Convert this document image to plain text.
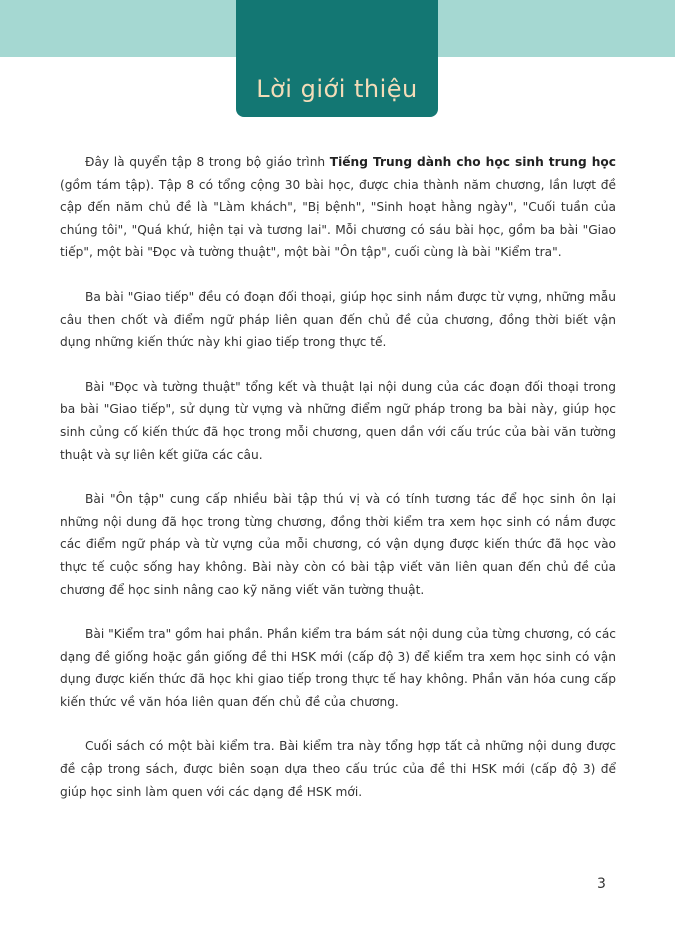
Lời giới thiệu

Đây là quyển tập 8 trong bộ giáo trình Tiếng Trung dành cho học sinh trung học (gồm tám tập). Tập 8 có tổng cộng 30 bài học, được chia thành năm chương, lần lượt đề cập đến năm chủ đề là "Làm khách", "Bị bệnh", "Sinh hoạt hằng ngày", "Cuối tuần của chúng tôi", "Quá khứ, hiện tại và tương lai". Mỗi chương có sáu bài học, gồm ba bài "Giao tiếp", một bài "Đọc và tường thuật", một bài "Ôn tập", cuối cùng là bài "Kiểm tra".

Ba bài "Giao tiếp" đều có đoạn đối thoại, giúp học sinh nắm được từ vựng, những mẫu câu then chốt và điểm ngữ pháp liên quan đến chủ đề của chương, đồng thời biết vận dụng những kiến thức này khi giao tiếp trong thực tế.

Bài "Đọc và tường thuật" tổng kết và thuật lại nội dung của các đoạn đối thoại trong ba bài "Giao tiếp", sử dụng từ vựng và những điểm ngữ pháp trong ba bài này, giúp học sinh củng cố kiến thức đã học trong mỗi chương, quen dần với cấu trúc của bài văn tường thuật và sự liên kết giữa các câu.

Bài "Ôn tập" cung cấp nhiều bài tập thú vị và có tính tương tác để học sinh ôn lại những nội dung đã học trong từng chương, đồng thời kiểm tra xem học sinh có nắm được các điểm ngữ pháp và từ vựng của mỗi chương, có vận dụng được kiến thức đã học vào thực tế cuộc sống hay không. Bài này còn có bài tập viết văn liên quan đến chủ đề của chương để học sinh nâng cao kỹ năng viết văn tường thuật.

Bài "Kiểm tra" gồm hai phần. Phần kiểm tra bám sát nội dung của từng chương, có các dạng đề giống hoặc gần giống đề thi HSK mới (cấp độ 3) để kiểm tra xem học sinh có vận dụng được kiến thức đã học khi giao tiếp trong thực tế hay không. Phần văn hóa cung cấp kiến thức về văn hóa liên quan đến chủ đề của chương.

Cuối sách có một bài kiểm tra. Bài kiểm tra này tổng hợp tất cả những nội dung được đề cập trong sách, được biên soạn dựa theo cấu trúc của đề thi HSK mới (cấp độ 3) để giúp học sinh làm quen với các dạng đề HSK mới.

3
